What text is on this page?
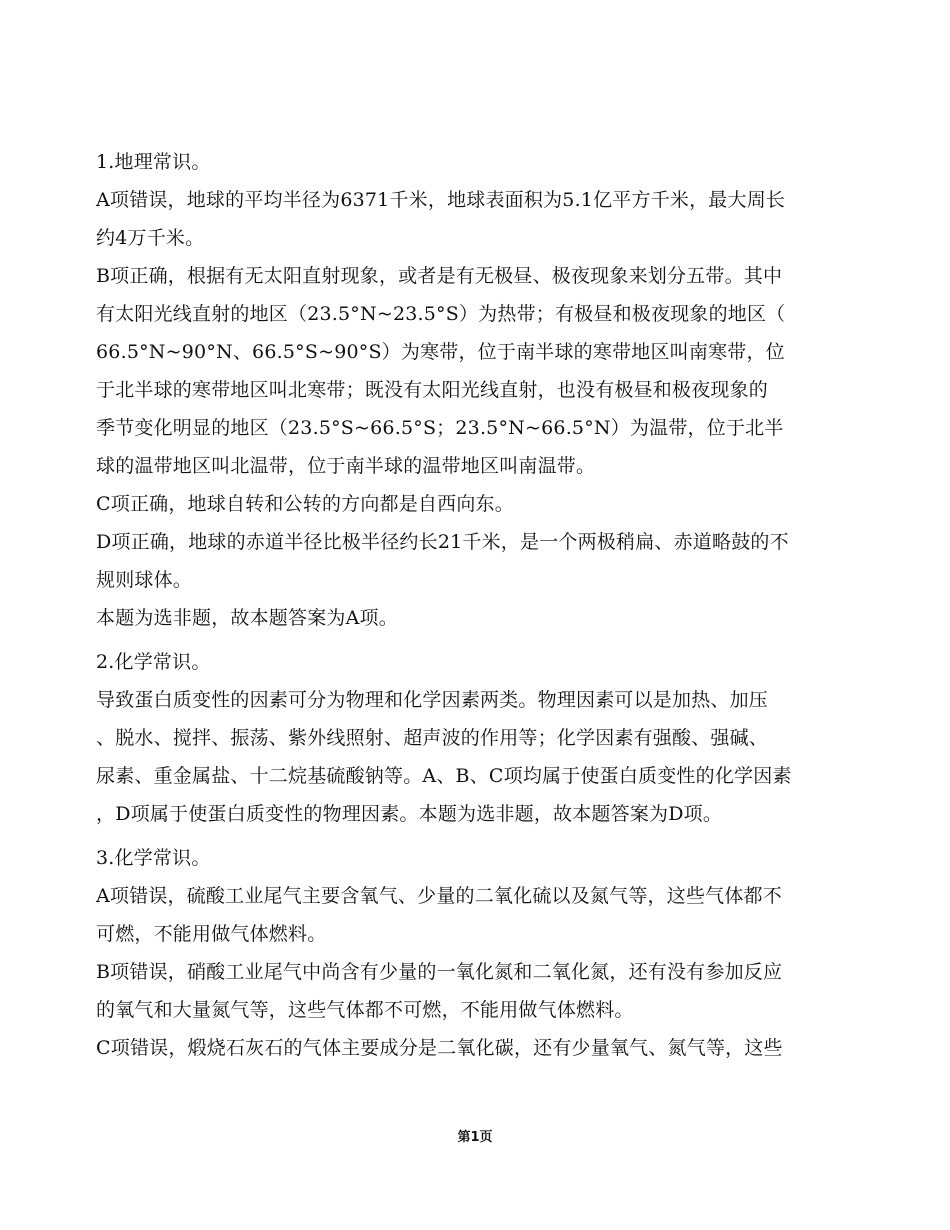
1.地理常识。

A项错误，地球的平均半径为6371千米，地球表面积为5.1亿平方千米，最大周长
约4万千米。

B项正确，根据有无太阳直射现象，或者是有无极昼、极夜现象来划分五带。其中
有太阳光线直射的地区（23.5°N~23.5°S）为热带；有极昼和极夜现象的地区（
66.5°N~90°N、66.5°S~90°S）为寒带，位于南半球的寒带地区叫南寒带，位
于北半球的寒带地区叫北寒带；既没有太阳光线直射，也没有极昼和极夜现象的
季节变化明显的地区（23.5°S~66.5°S；23.5°N~66.5°N）为温带，位于北半
球的温带地区叫北温带，位于南半球的温带地区叫南温带。

C项正确，地球自转和公转的方向都是自西向东。

D项正确，地球的赤道半径比极半径约长21千米，是一个两极稍扁、赤道略鼓的不
规则球体。

本题为选非题，故本题答案为A项。

2.化学常识。

导致蛋白质变性的因素可分为物理和化学因素两类。物理因素可以是加热、加压
、脱水、搅拌、振荡、紫外线照射、超声波的作用等；化学因素有强酸、强碱、
尿素、重金属盐、十二烷基硫酸钠等。A、B、C项均属于使蛋白质变性的化学因素
，D项属于使蛋白质变性的物理因素。本题为选非题，故本题答案为D项。

3.化学常识。

A项错误，硫酸工业尾气主要含氧气、少量的二氧化硫以及氮气等，这些气体都不
可燃，不能用做气体燃料。

B项错误，硝酸工业尾气中尚含有少量的一氧化氮和二氧化氮，还有没有参加反应
的氧气和大量氮气等，这些气体都不可燃，不能用做气体燃料。

C项错误，煅烧石灰石的气体主要成分是二氧化碳，还有少量氧气、氮气等，这些

第1页
